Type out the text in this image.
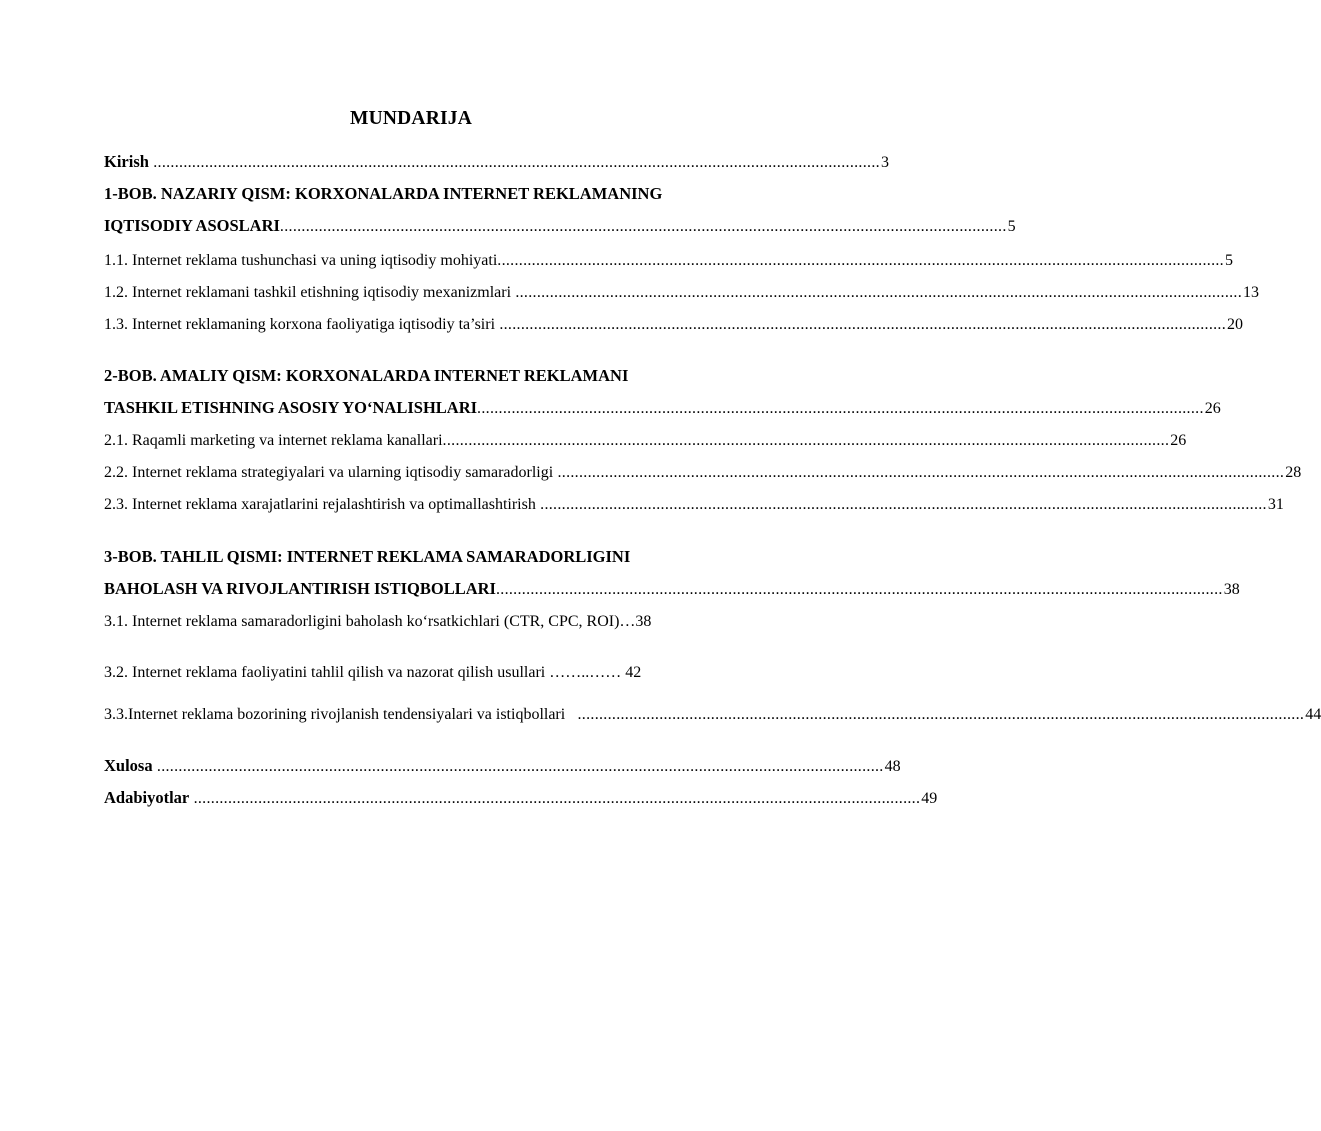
MUNDARIJA
Kirish ......................................................................................................................................................................... 3
1-BOB. NAZARIY QISM: KORXONALARDA INTERNET REKLAMANING
IQTISODIY ASOSLARI ......................................................................................................................................................................... 5
1.1. Internet reklama tushunchasi va uning iqtisodiy mohiyati ......................................................................................................................................................................... 5
1.2. Internet reklamani tashkil etishning iqtisodiy mexanizmlari ......................................................................................................................................................................... 13
1.3. Internet reklamaning korxona faoliyatiga iqtisodiy ta’siri ......................................................................................................................................................................... 20
2-BOB. AMALIY QISM: KORXONALARDA INTERNET REKLAMANI
TASHKIL ETISHNING ASOSIY YO‘NALISHLARI ......................................................................................................................................................................... 26
2.1. Raqamli marketing va internet reklama kanallari ......................................................................................................................................................................... 26
2.2. Internet reklama strategiyalari va ularning iqtisodiy samaradorligi ......................................................................................................................................................................... 28
2.3. Internet reklama xarajatlarini rejalashtirish va optimallashtirish ......................................................................................................................................................................... 31
3-BOB. TAHLIL QISMI: INTERNET REKLAMA SAMARADORLIGINI
BAHOLASH VA RIVOJLANTIRISH ISTIQBOLLARI ......................................................................................................................................................................... 38
3.1. Internet reklama samaradorligini baholash ko‘rsatkichlari (CTR, CPC, ROI)…38
3.2. Internet reklama faoliyatini tahlil qilish va nazorat qilish usullari ……..…… 42
3.3.Internet reklama bozorining rivojlanish tendensiyalari va istiqbollari ......................................................................................................................................................................... 44
Xulosa ......................................................................................................................................................................... 48
Adabiyotlar ......................................................................................................................................................................... 49
